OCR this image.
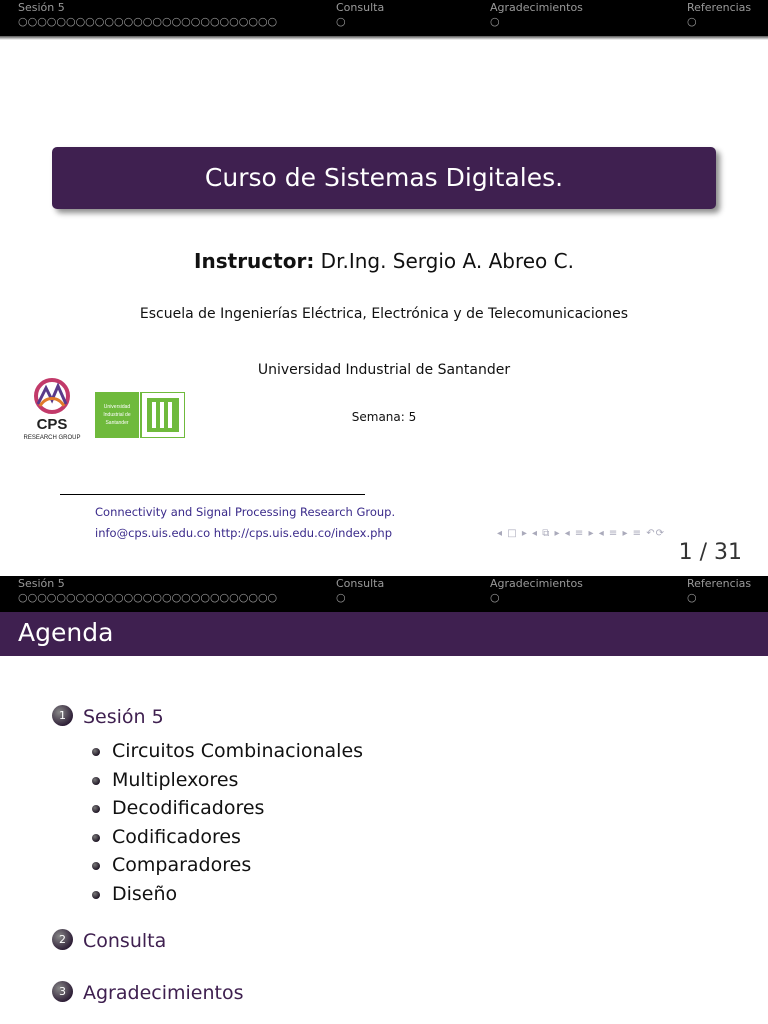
Sesión 5
○○○○○○○○○○○○○○○○○○○○○○○○○○○
Consulta
○
Agradecimientos
○
Referencias
○
Curso de Sistemas Digitales.
Instructor: Dr.Ing. Sergio A. Abreo C.
Escuela de Ingenierías Eléctrica, Electrónica y de Telecomunicaciones
Universidad Industrial de Santander
Semana: 5
CPS
RESEARCH GROUP
Universidad
Industrial de
Santander
Connectivity and Signal Processing Research Group.
info@cps.uis.edu.co http://cps.uis.edu.co/index.php	◂ □ ▸ ◂ ⧉ ▸ ◂ ≡ ▸ ◂ ≡ ▸ ≡ ↶⟳
1 / 31
Sesión 5
○○○○○○○○○○○○○○○○○○○○○○○○○○○
Consulta
○
Agradecimientos
○
Referencias
○
Agenda
1 Sesión 5
Circuitos Combinacionales
Multiplexores
Decodificadores
Codificadores
Comparadores
Diseño
2 Consulta
3 Agradecimientos
